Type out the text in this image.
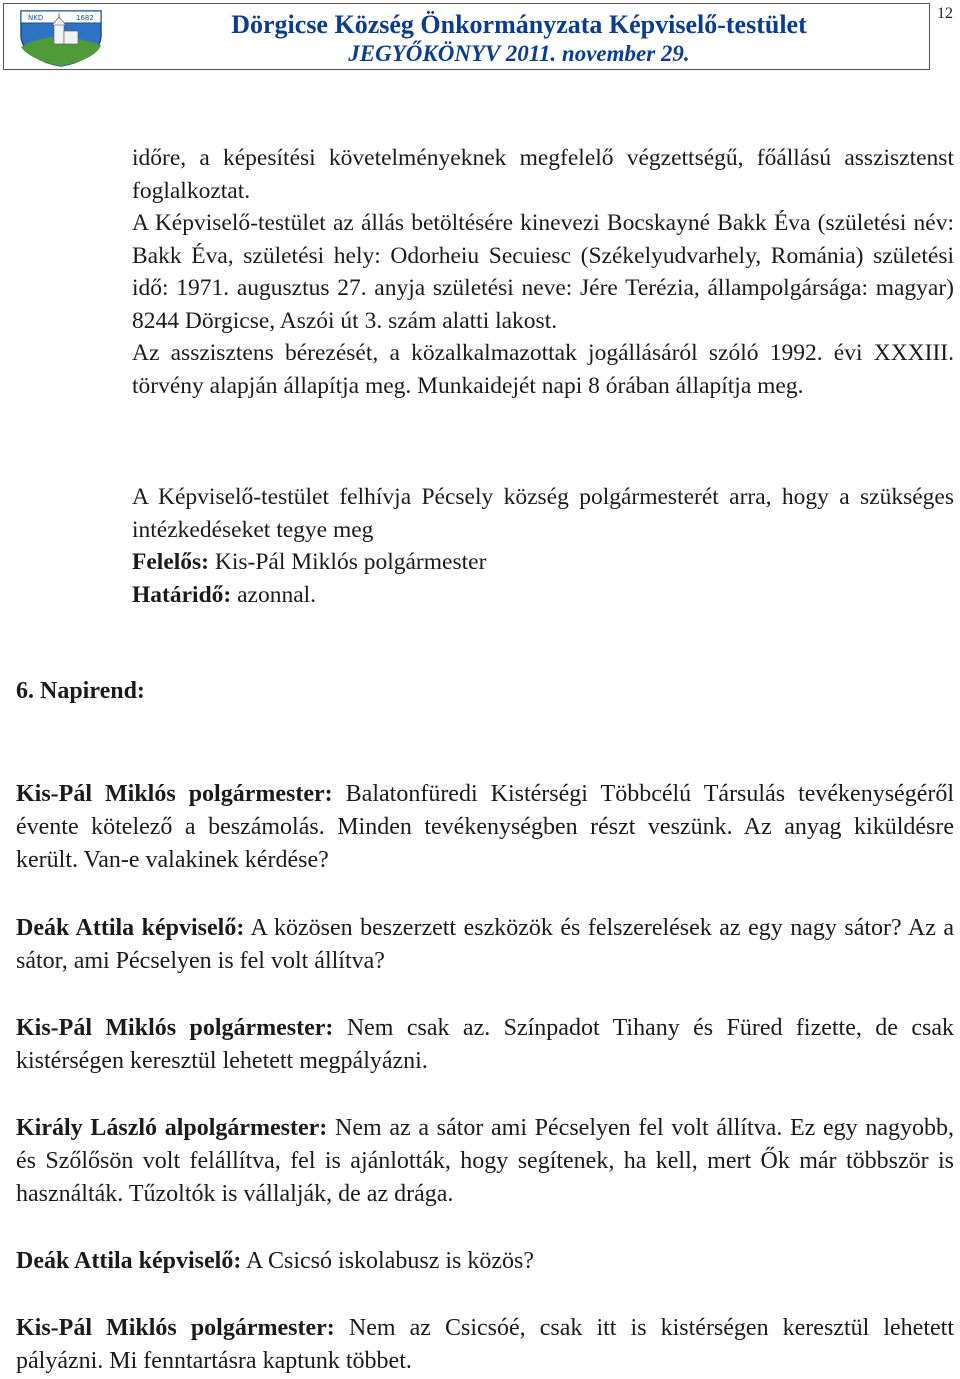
NKD	1682	Dörgicse Község Önkormányzata Képviselő-testület
JEGYŐKÖNYV 2011. november 29.
12

időre, a képesítési követelményeknek megfelelő végzettségű, főállású asszisztenst foglalkoztat.

A Képviselő-testület az állás betöltésére kinevezi Bocskayné Bakk Éva (születési név: Bakk Éva, születési hely: Odorheiu Secuiesc (Székelyudvarhely, Románia) születési idő: 1971. augusztus 27. anyja születési neve: Jére Terézia, állampolgársága: magyar) 8244 Dörgicse, Aszói út 3. szám alatti lakost.

Az asszisztens bérezését, a közalkalmazottak jogállásáról szóló 1992. évi XXXIII. törvény alapján állapítja meg. Munkaidejét napi 8 órában állapítja meg.

A Képviselő-testület felhívja Pécsely község polgármesterét arra, hogy a szükséges intézkedéseket tegye meg

Felelős: Kis-Pál Miklós polgármester

Határidő: azonnal.

6. Napirend:
Kis-Pál Miklós polgármester: Balatonfüredi Kistérségi Többcélú Társulás tevékenységéről évente kötelező a beszámolás. Minden tevékenységben részt veszünk. Az anyag kiküldésre került. Van-e valakinek kérdése?
Deák Attila képviselő: A közösen beszerzett eszközök és felszerelések az egy nagy sátor? Az a sátor, ami Pécselyen is fel volt állítva?
Kis-Pál Miklós polgármester: Nem csak az. Színpadot Tihany és Füred fizette, de csak kistérségen keresztül lehetett megpályázni.
Király László alpolgármester: Nem az a sátor ami Pécselyen fel volt állítva. Ez egy nagyobb, és Szőlősön volt felállítva, fel is ajánlották, hogy segítenek, ha kell, mert Ők már többször is használták. Tűzoltók is vállalják, de az drága.
Deák Attila képviselő: A Csicsó iskolabusz is közös?
Kis-Pál Miklós polgármester: Nem az Csicsóé, csak itt is kistérségen keresztül lehetett pályázni. Mi fenntartásra kaptunk többet.
